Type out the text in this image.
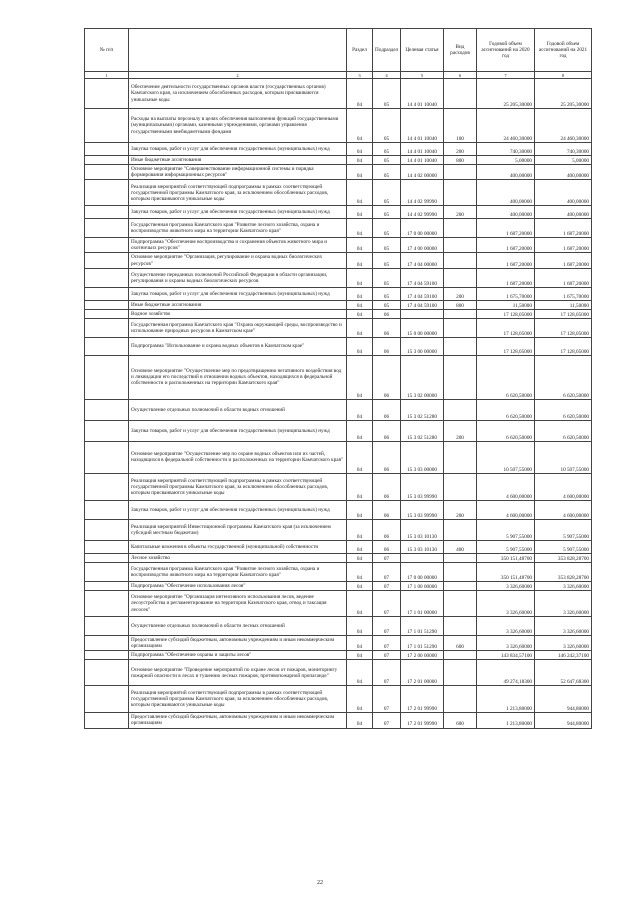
№ п/п		Раздел	Подраздел	Целевая статья	Вид расходов	Годовой объем ассигнований на 2020 год	Годовой объем ассигнований на 2021 год
1	2	3	4	5	6	7	8
	Обеспечение деятельности государственных органов власти (государственных органов) Камчатского края, за исключением обособленных расходов, которым присваиваются уникальные коды	04	05	14 4 01 10040		25 205,30000	25 205,30000
	Расходы на выплаты персоналу в целях обеспечения выполнения функций государственными (муниципальными) органами, казенными учреждениями, органами управления государственными внебюджетными фондами	04	05	14 4 01 10040	100	24 460,30000	24 460,30000
	Закупка товаров, работ и услуг для обеспечения государственных (муниципальных) нужд	04	05	14 4 01 10040	200	740,30000	740,30000
	Иные бюджетные ассигнования	04	05	14 4 01 10040	800	5,00000	5,00000
	Основное мероприятие "Совершенствование информационной системы и порядка формирования информационных ресурсов"	04	05	14 4 02 00000		400,00000	400,00000
	Реализация мероприятий соответствующей подпрограммы в рамках соответствующей государственной программы Камчатского края, за исключением обособленных расходов, которым присваиваются уникальные коды	04	05	14 4 02 99990		400,00000	400,00000
	Закупка товаров, работ и услуг для обеспечения государственных (муниципальных) нужд	04	05	14 4 02 99990	200	400,00000	400,00000
	Государственная программа Камчатского края "Развитие лесного хозяйства, охрана и воспроизводство животного мира на территории Камчатского края"	04	05	17 0 00 00000		1 687,20000	1 687,20000
	Подпрограмма "Обеспечение воспроизводства и сохранения объектов животного мира и охотничьих ресурсов"	04	05	17 4 00 00000		1 687,20000	1 687,20000
	Основное мероприятие "Организация, регулирование и охрана водных биологических ресурсов"	04	05	17 4 04 00000		1 687,20000	1 687,20000
	Осуществление переданных полномочий Российской Федерации в области организации, регулирования и охраны водных биологических ресурсов	04	05	17 4 04 59100		1 687,20000	1 687,20000
	Закупка товаров, работ и услуг для обеспечения государственных (муниципальных) нужд	04	05	17 4 04 59100	200	1 675,70000	1 675,70000
	Иные бюджетные ассигнования	04	05	17 4 04 59100	800	11,50000	11,50000
	Водное хозяйство	04	06			17 128,05000	17 128,05000
	Государственная программа Камчатского края "Охрана окружающей среды, воспроизводство и использование природных ресурсов в Камчатском крае"	04	06	15 0 00 00000		17 128,05000	17 128,05000
	Подпрограмма "Использование и охрана водных объектов в Камчатском крае"	04	06	15 3 00 00000		17 128,05000	17 128,05000
	Основное мероприятие "Осуществление мер по предотвращению негативного воздействия вод и ликвидации его последствий в отношении водных объектов, находящихся в федеральной собственности и расположенных на территории Камчатского края"	04	06	15 3 02 00000		6 620,50000	6 620,50000
	Осуществление отдельных полномочий в области водных отношений	04	06	15 3 02 51280		6 620,50000	6 620,50000
	Закупка товаров, работ и услуг для обеспечения государственных (муниципальных) нужд	04	06	15 3 02 51280	200	6 620,50000	6 620,50000
	Основное мероприятие "Осуществление мер по охране водных объектов или их частей, находящихся в федеральной собственности и расположенных на территории Камчатского края"	04	06	15 3 03 00000		10 507,55000	10 507,55000
	Реализация мероприятий соответствующей подпрограммы в рамках соответствующей государственной программы Камчатского края, за исключением обособленных расходов, которым присваиваются уникальные коды	04	06	15 3 03 99990		4 600,00000	4 600,00000
	Закупка товаров, работ и услуг для обеспечения государственных (муниципальных) нужд	04	06	15 3 03 99990	200	4 600,00000	4 600,00000
	Реализация мероприятий Инвестиционной программы Камчатского края (за исключением субсидий местным бюджетам)	04	06	15 3 03 10130		5 907,55000	5 907,55000
	Капитальные вложения в объекты государственной (муниципальной) собственности	04	06	15 3 03 10130	400	5 907,55000	5 907,55000
	Лесное хозяйство	04	07			350 151,48700	353 828,28700
	Государственная программа Камчатского края "Развитие лесного хозяйства, охрана и воспроизводство животного мира на территории Камчатского края"	04	07	17 0 00 00000		350 151,48700	353 828,28700
	Подпрограмма "Обеспечение использования лесов"	04	07	17 1 00 00000		3 326,60000	3 326,60000
	Основное мероприятие "Организация интенсивного использования лесов, ведение лесоустройства и регламентирование на территории Камчатского края, отвод и таксация лесосек"	04	07	17 1 01 00000		3 326,60000	3 326,60000
	Осуществление отдельных полномочий в области лесных отношений	04	07	17 1 01 51290		3 326,60000	3 326,60000
	Предоставление субсидий бюджетным, автономным учреждениям и иным некоммерческим организациям	04	07	17 1 01 51290	600	3 326,60000	3 326,60000
	Подпрограмма "Обеспечение охраны и защиты лесов"	04	07	17 2 00 00000		143 834,57100	146 242,37100
	Основное мероприятие "Проведение мероприятий по охране лесов от пожаров, мониторингу пожарной опасности в лесах и тушению лесных пожаров, противопожарной пропаганде"	04	07	17 2 01 00000		49 274,18300	52 647,68300
	Реализация мероприятий соответствующей подпрограммы в рамках соответствующей государственной программы Камчатского края, за исключением обособленных расходов, которым присваиваются уникальные коды	04	07	17 2 01 99990		1 213,80000	944,80000
	Предоставление субсидий бюджетным, автономным учреждениям и иным некоммерческим организациям	04	07	17 2 01 99990	600	1 213,80000	944,80000
22
